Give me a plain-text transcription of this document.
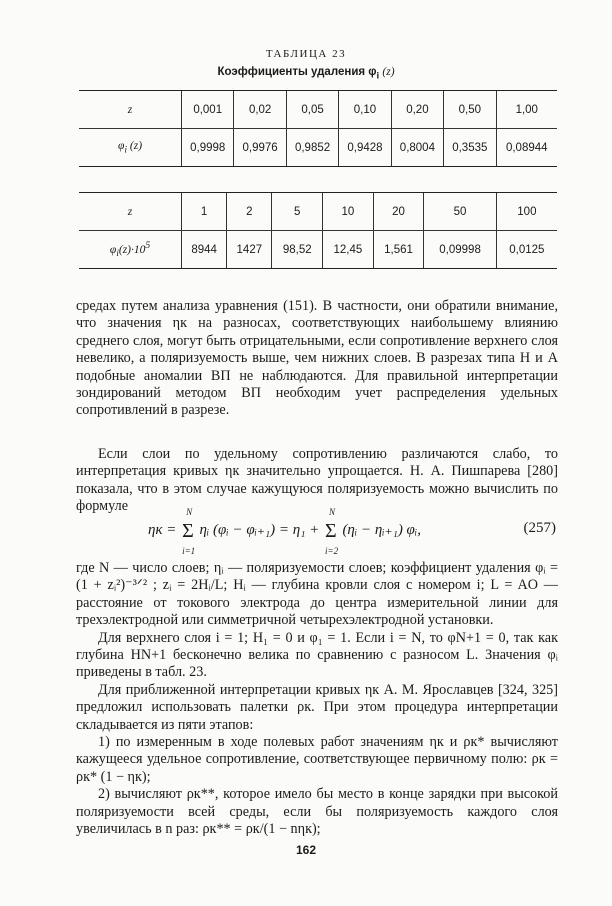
ТАБЛИЦА 23
Коэффициенты удаления $\varphi_i$ (z)
z	0,001	0,02	0,05	0,10	0,20	0,50	1,00
$\varphi_i$ (z)	0,9998	0,9976	0,9852	0,9428	0,8004	0,3535	0,08944
z	1	2	5	10	20	50	100
$\varphi_i(z)\cdot 10^5$	8944	1427	98,52	12,45	1,561	0,09998	0,0125

средах путем анализа уравнения (151). В частности, они обратили внимание, что значения ηк на разносах, соответствующих наибольшему влиянию среднего слоя, могут быть отрицательными, если сопротивление верхнего слоя невелико, а поляризуемость выше, чем нижних слоев. В разрезах типа H и A подобные аномалии ВП не наблюдаются. Для правильной интерпретации зондирований методом ВП необходим учет распределения удельных сопротивлений в разрезе.

Если слои по удельному сопротивлению различаются слабо, то интерпретация кривых ηк значительно упрощается. Н. А. Пишпарева [280] показала, что в этом случае кажущуюся поляризуемость можно вычислить по формуле

ηк = Σ
N
i=1
ηᵢ (φᵢ − φᵢ₊₁) = η₁ + Σ
N
i=2
(ηᵢ − ηᵢ₊₁) φᵢ,	(257)

где N — число слоев; ηᵢ — поляризуемости слоев; коэффициент удаления φᵢ = (1 + zᵢ²)⁻³ᐟ² ; zᵢ = 2Hᵢ/L; Hᵢ — глубина кровли слоя с номером i; L = AO — расстояние от токового электрода до центра измерительной линии для трехэлектродной или симметричной четырехэлектродной установки.

Для верхнего слоя i = 1; H₁ = 0 и φ₁ = 1. Если i = N, то φN+1 = 0, так как глубина HN+1 бесконечно велика по сравнению с разносом L. Значения φᵢ приведены в табл. 23.

Для приближенной интерпретации кривых ηк А. М. Ярославцев [324, 325] предложил использовать палетки ρк. При этом процедура интерпретации складывается из пяти этапов:

1) по измеренным в ходе полевых работ значениям ηк и ρк* вычисляют кажущееся удельное сопротивление, соответствующее первичному полю: ρк = ρк* (1 − ηк);

2) вычисляют ρк**, которое имело бы место в конце зарядки при высокой поляризуемости всей среды, если бы поляризуемость каждого слоя увеличилась в n раз: ρк** = ρк/(1 − nηк);

162
